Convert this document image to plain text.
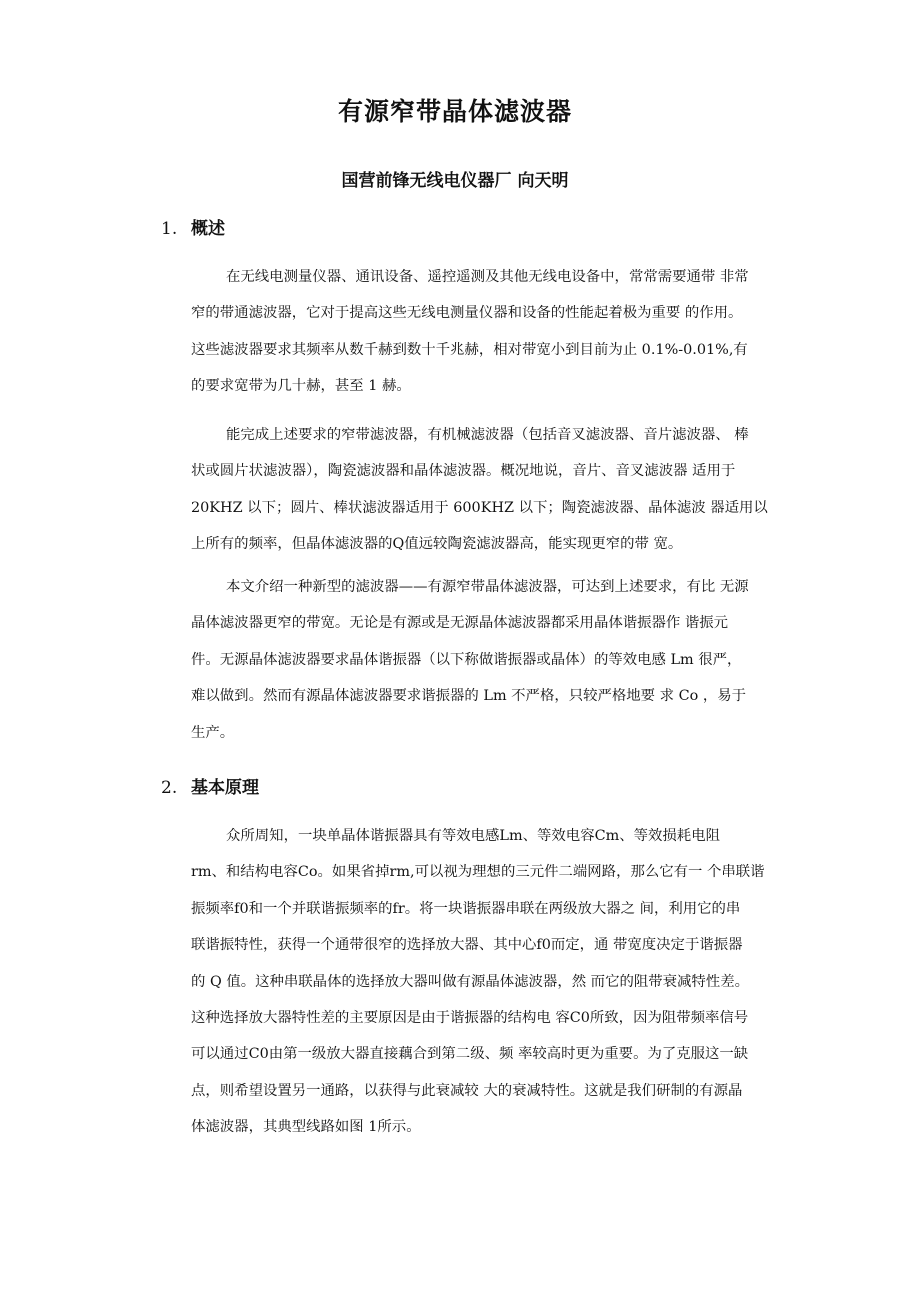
有源窄带晶体滤波器
国营前锋无线电仪器厂 向天明
1. 概述
在无线电测量仪器、通讯设备、遥控遥测及其他无线电设备中，常常需要通带 非常
窄的带通滤波器，它对于提高这些无线电测量仪器和设备的性能起着极为重要 的作用。
这些滤波器要求其频率从数千赫到数十千兆赫，相对带宽小到目前为止 0.1%-0.01%,有
的要求宽带为几十赫，甚至 1 赫。
能完成上述要求的窄带滤波器，有机械滤波器（包括音叉滤波器、音片滤波器、 棒
状或圆片状滤波器），陶瓷滤波器和晶体滤波器。概况地说，音片、音叉滤波器 适用于
20KHZ 以下；圆片、棒状滤波器适用于 600KHZ 以下；陶瓷滤波器、晶体滤波 器适用以
上所有的频率，但晶体滤波器的Q值远较陶瓷滤波器高，能实现更窄的带 宽。
本文介绍一种新型的滤波器——有源窄带晶体滤波器，可达到上述要求，有比 无源
晶体滤波器更窄的带宽。无论是有源或是无源晶体滤波器都采用晶体谐振器作 谐振元
件。无源晶体滤波器要求晶体谐振器（以下称做谐振器或晶体）的等效电感 Lm 很严，
难以做到。然而有源晶体滤波器要求谐振器的 Lm 不严格，只较严格地要 求 Co ，易于
生产。
2. 基本原理
众所周知，一块单晶体谐振器具有等效电感Lm、等效电容Cm、等效损耗电阻
rm、和结构电容Co。如果省掉rm,可以视为理想的三元件二端网路，那么它有一 个串联谐
振频率f0和一个并联谐振频率的fr。将一块谐振器串联在两级放大器之 间，利用它的串
联谐振特性，获得一个通带很窄的选择放大器、其中心f0而定，通 带宽度决定于谐振器
的 Q 值。这种串联晶体的选择放大器叫做有源晶体滤波器，然 而它的阻带衰减特性差。
这种选择放大器特性差的主要原因是由于谐振器的结构电 容C0所致，因为阻带频率信号
可以通过C0由第一级放大器直接藕合到第二级、频 率较高时更为重要。为了克服这一缺
点，则希望设置另一通路，以获得与此衰减较 大的衰减特性。这就是我们研制的有源晶
体滤波器，其典型线路如图 1所示。
